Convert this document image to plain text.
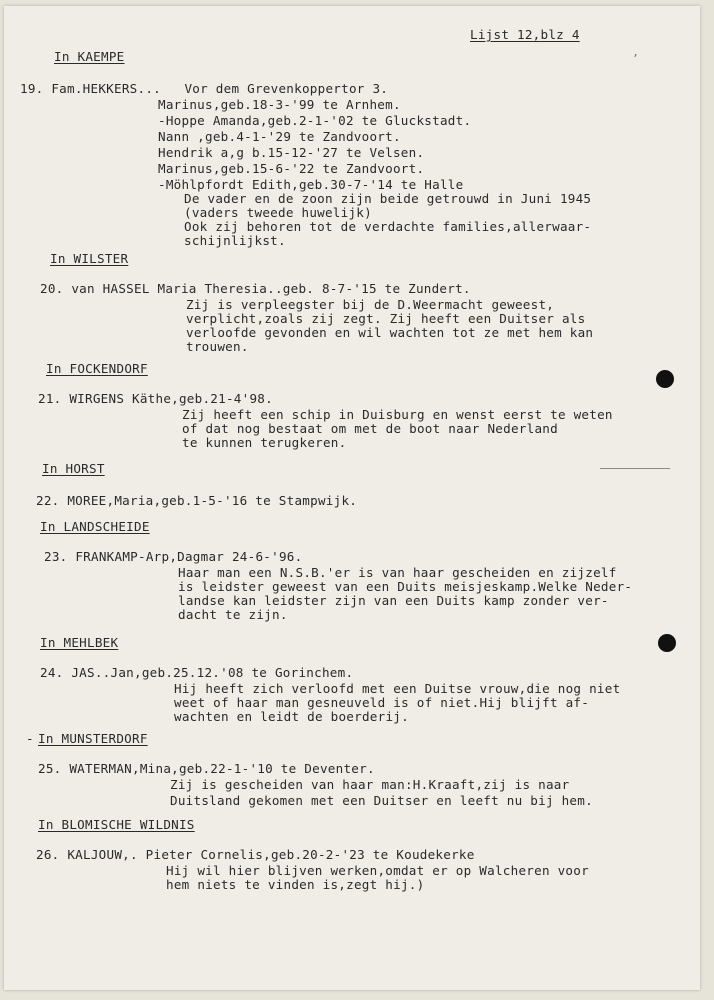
Lijst 12,blz 4
’
In KAEMPE
19. Fam.HEKKERS...   Vor dem Grevenkoppertor 3.
Marinus,geb.18-3-'99 te Arnhem.
-Hoppe Amanda,geb.2-1-'02 te Gluckstadt.
Nann ,geb.4-1-'29 te Zandvoort.
Hendrik a,g b.15-12-'27 te Velsen.
Marinus,geb.15-6-'22 te Zandvoort.
-Möhlpfordt Edith,geb.30-7-'14 te Halle
De vader en de zoon zijn beide getrouwd in Juni 1945
(vaders tweede huwelijk)
Ook zij behoren tot de verdachte families,allerwaar-
schijnlijkst.
In WILSTER
20. van HASSEL Maria Theresia..geb. 8-7-'15 te Zundert.
Zij is verpleegster bij de D.Weermacht geweest,
verplicht,zoals zij zegt. Zij heeft een Duitser als
verloofde gevonden en wil wachten tot ze met hem kan
trouwen.
In FOCKENDORF
21. WIRGENS Käthe,geb.21-4'98.
Zij heeft een schip in Duisburg en wenst eerst te weten
of dat nog bestaat om met de boot naar Nederland
te kunnen terugkeren.
In HORST
22. MOREE,Maria,geb.1-5-'16 te Stampwijk.
In LANDSCHEIDE
23. FRANKAMP-Arp,Dagmar 24-6-'96.
Haar man een N.S.B.'er is van haar gescheiden en zijzelf
is leidster geweest van een Duits meisjeskamp.Welke Neder-
landse kan leidster zijn van een Duits kamp zonder ver-
dacht te zijn.
In MEHLBEK
24. JAS..Jan,geb.25.12.'08 te Gorinchem.
Hij heeft zich verloofd met een Duitse vrouw,die nog niet
weet of haar man gesneuveld is of niet.Hij blijft af-
wachten en leidt de boerderij.
- In MUNSTERDORF
25. WATERMAN,Mina,geb.22-1-'10 te Deventer.
Zij is gescheiden van haar man:H.Kraaft,zij is naar
Duitsland gekomen met een Duitser en leeft nu bij hem.
In BLOMISCHE WILDNIS
26. KALJOUW,. Pieter Cornelis,geb.20-2-'23 te Koudekerke
Hij wil hier blijven werken,omdat er op Walcheren voor
hem niets te vinden is,zegt hij.)
